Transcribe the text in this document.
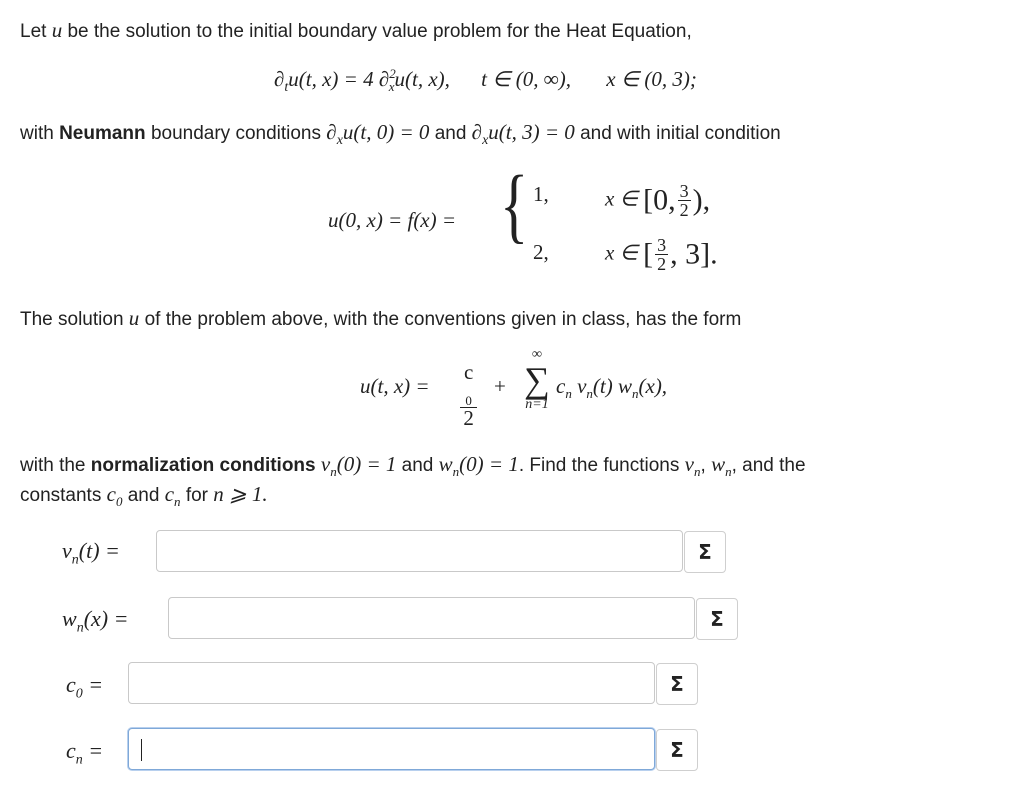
Let u be the solution to the initial boundary value problem for the Heat Equation,
$\partial_tu(t$, x) = 4 ∂$^2_x$u(t, x), t ∈ (0, ∞), x ∈ (0, 3);
with Neumann boundary conditions $\partial_xu(t$, 0) = 0 and $\partial_xu(t$, 3) = 0 and with initial condition
u(0, x) = f(x) = { 1,	x ∈ [0, $\frac{3}{2}$ ),
2,	x ∈ [ $\frac{3}{2}$ , 3].
The solution u of the problem above, with the conventions given in class, has the form
u(t, x) = c
$_0$
2 +
∞
∑
n=1
$c_n$ $v_n(t)$ $w_n(x)$,
with the normalization conditions $v_n(0) = 1$ and $w_n(0) = 1$. Find the functions $v_n$, $w_n$, and the
constants $c_0$ and $c_n$ for n ⩾ 1.
$v_n(t)$ =	Σ
$w_n(x)$ =	Σ
$c_0$ =	Σ
$c_n$ =	Σ
